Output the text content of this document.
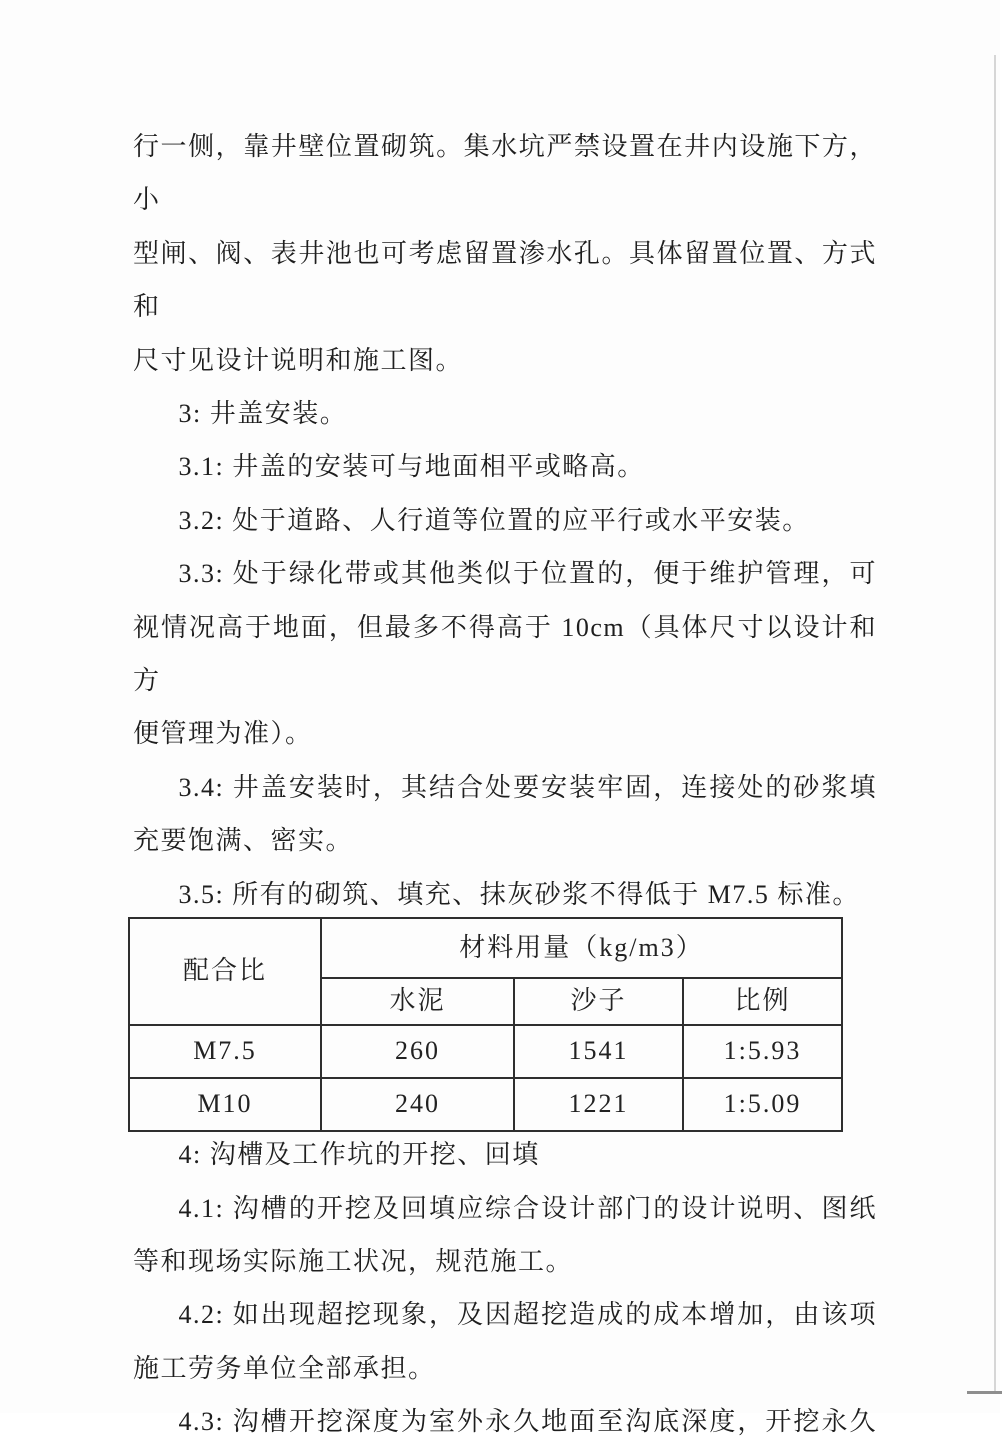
行一侧，靠井壁位置砌筑。集水坑严禁设置在井内设施下方，小
型闸、阀、表井池也可考虑留置渗水孔。具体留置位置、方式和
尺寸见设计说明和施工图。
3: 井盖安装。
3.1: 井盖的安装可与地面相平或略高。
3.2: 处于道路、人行道等位置的应平行或水平安装。
3.3: 处于绿化带或其他类似于位置的，便于维护管理，可
视情况高于地面，但最多不得高于 10cm（具体尺寸以设计和方
便管理为准）。
3.4: 井盖安装时，其结合处要安装牢固，连接处的砂浆填
充要饱满、密实。
3.5: 所有的砌筑、填充、抹灰砂浆不得低于 M7.5 标准。
配合比	材料用量（kg/m3）		
	水泥	沙子	比例
M7.5	260	1541	1:5.93
M10	240	1221	1:5.09
4: 沟槽及工作坑的开挖、回填
4.1: 沟槽的开挖及回填应综合设计部门的设计说明、图纸
等和现场实际施工状况，规范施工。
4.2: 如出现超挖现象，及因超挖造成的成本增加，由该项
施工劳务单位全部承担。
4.3: 沟槽开挖深度为室外永久地面至沟底深度，开挖永久
